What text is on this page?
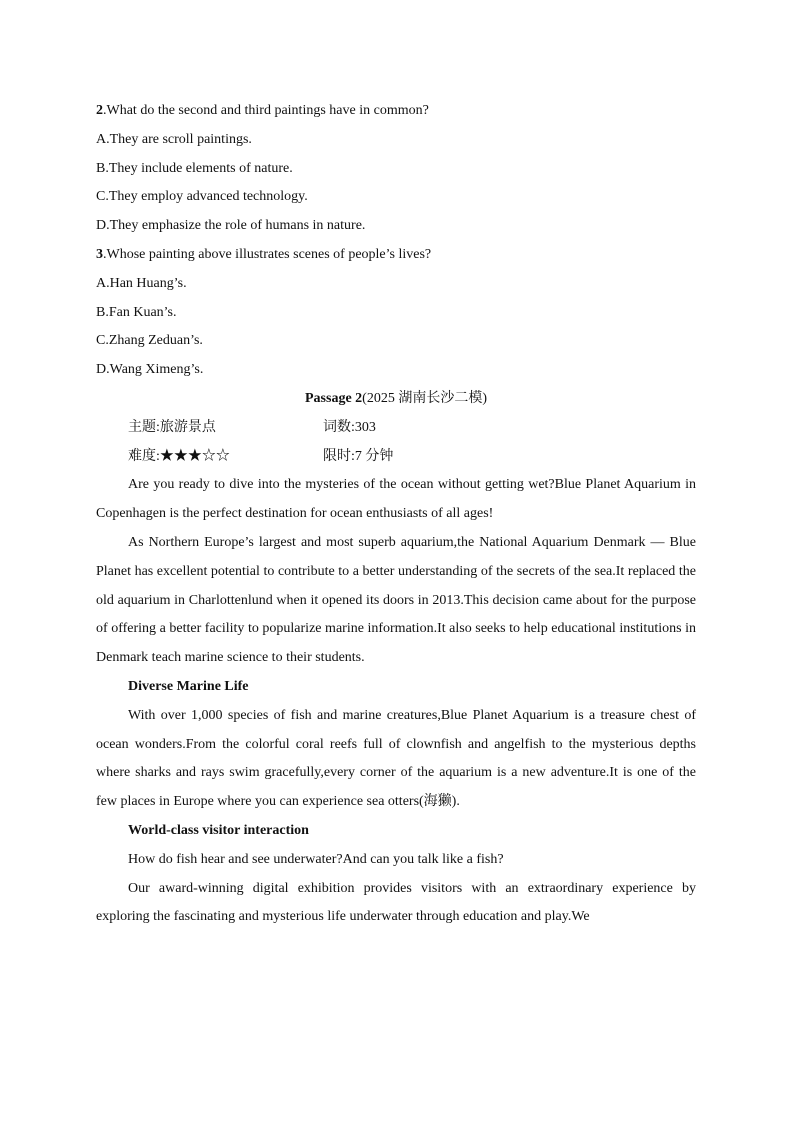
2.What do the second and third paintings have in common?
A.They are scroll paintings.
B.They include elements of nature.
C.They employ advanced technology.
D.They emphasize the role of humans in nature.
3.Whose painting above illustrates scenes of people’s lives?
A.Han Huang’s.
B.Fan Kuan’s.
C.Zhang Zeduan’s.
D.Wang Ximeng’s.
Passage 2(2025 湖南长沙二模)
主题:旅游景点	词数:303
难度:★★★☆☆	限时:7 分钟

Are you ready to dive into the mysteries of the ocean without getting wet?Blue Planet Aquarium in Copenhagen is the perfect destination for ocean enthusiasts of all ages!

As Northern Europe’s largest and most superb aquarium,the National Aquarium Denmark — Blue Planet has excellent potential to contribute to a better understanding of the secrets of the sea.It replaced the old aquarium in Charlottenlund when it opened its doors in 2013.This decision came about for the purpose of offering a better facility to popularize marine information.It also seeks to help educational institutions in Denmark teach marine science to their students.

Diverse Marine Life

With over 1,000 species of fish and marine creatures,Blue Planet Aquarium is a treasure chest of ocean wonders.From the colorful coral reefs full of clownfish and angelfish to the mysterious depths where sharks and rays swim gracefully,every corner of the aquarium is a new adventure.It is one of the few places in Europe where you can experience sea otters(海獭).

World-class visitor interaction

How do fish hear and see underwater?And can you talk like a fish?

Our award-winning digital exhibition provides visitors with an extraordinary experience by exploring the fascinating and mysterious life underwater through education and play.We
